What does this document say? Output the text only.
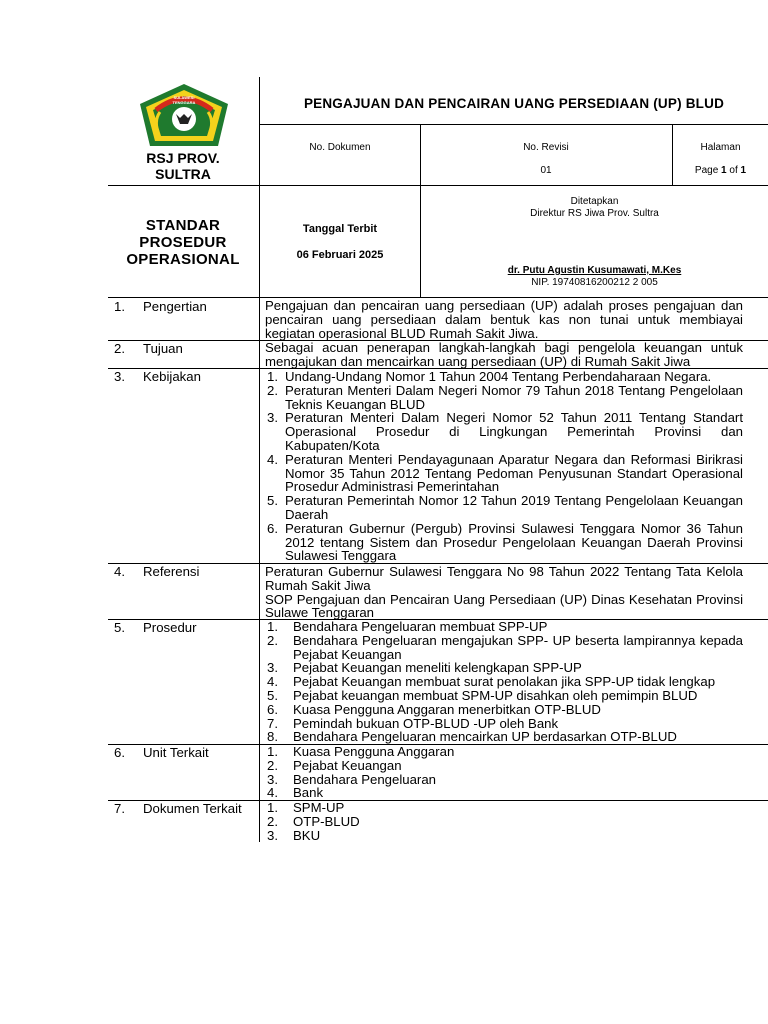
SULAWESI TENGGARA
RSJ PROV.
SULTRA
PENGAJUAN DAN PENCAIRAN UANG PERSEDIAAN (UP) BLUD
No. Dokumen	No. Revisi
01
Halaman
Page 1 of 1
STANDAR
PROSEDUR
OPERASIONAL
Tanggal Terbit
06 Februari 2025
Ditetapkan
Direktur RS Jiwa Prov. Sultra
dr. Putu Agustin Kusumawati, M.Kes
NIP. 19740816200212 2 005
1. Pengertian
2. Tujuan
3. Kebijakan
4. Referensi
5. Prosedur
6. Unit Terkait
7. Dokumen Terkait
Pengajuan dan pencairan uang persediaan (UP) adalah proses pengajuan dan pencairan uang persediaan dalam bentuk kas non tunai untuk membiayai kegiatan operasional BLUD Rumah Sakit Jiwa.
Sebagai acuan penerapan langkah-langkah bagi pengelola keuangan untuk mengajukan dan mencairkan uang persediaan (UP) di Rumah Sakit Jiwa
1. Undang-Undang Nomor 1 Tahun 2004 Tentang Perbendaharaan Negara.
2. Peraturan Menteri Dalam Negeri Nomor 79 Tahun 2018 Tentang Pengelolaan Teknis Keuangan BLUD
3. Peraturan Menteri Dalam Negeri Nomor 52 Tahun 2011 Tentang Standart Operasional Prosedur di Lingkungan Pemerintah Provinsi dan Kabupaten/Kota
4. Peraturan Menteri Pendayagunaan Aparatur Negara dan Reformasi Birikrasi Nomor 35 Tahun 2012 Tentang Pedoman Penyusunan Standart Operasional Prosedur Administrasi Pemerintahan
5. Peraturan Pemerintah Nomor 12 Tahun 2019 Tentang Pengelolaan Keuangan Daerah
6. Peraturan Gubernur (Pergub) Provinsi Sulawesi Tenggara Nomor 36 Tahun 2012 tentang Sistem dan Prosedur Pengelolaan Keuangan Daerah Provinsi Sulawesi Tenggara
Peraturan Gubernur Sulawesi Tenggara No 98 Tahun 2022 Tentang Tata Kelola Rumah Sakit Jiwa
SOP Pengajuan dan Pencairan Uang Persediaan (UP) Dinas Kesehatan Provinsi Sulawe Tenggaran
1. Bendahara Pengeluaran membuat SPP-UP
2. Bendahara Pengeluaran mengajukan SPP- UP beserta lampirannya kepada Pejabat Keuangan
3. Pejabat Keuangan meneliti kelengkapan SPP-UP
4. Pejabat Keuangan membuat surat penolakan jika SPP-UP tidak lengkap
5. Pejabat keuangan membuat SPM-UP disahkan oleh pemimpin BLUD
6. Kuasa Pengguna Anggaran menerbitkan OTP-BLUD
7. Pemindah bukuan OTP-BLUD -UP oleh Bank
8. Bendahara Pengeluaran mencairkan UP berdasarkan OTP-BLUD
1. Kuasa Pengguna Anggaran
2. Pejabat Keuangan
3. Bendahara Pengeluaran
4. Bank
1. SPM-UP
2. OTP-BLUD
3. BKU
